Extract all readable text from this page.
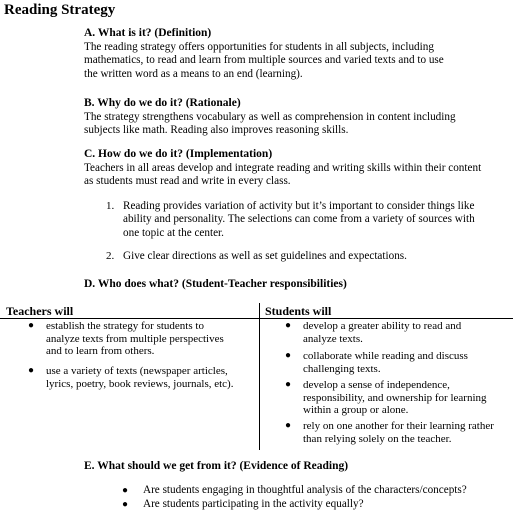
Reading Strategy
A. What is it? (Definition)
The reading strategy offers opportunities for students in all subjects, including
mathematics, to read and learn from multiple sources and varied texts and to use
the written word as a means to an end (learning).
B. Why do we do it? (Rationale)
The strategy strengthens vocabulary as well as comprehension in content including
subjects like math. Reading also improves reasoning skills.
C. How do we do it? (Implementation)
Teachers in all areas develop and integrate reading and writing skills within their content
as students must read and write in every class.
1. Reading provides variation of activity but it’s important to consider things like
ability and personality. The selections can come from a variety of sources with
one topic at the center.
2. Give clear directions as well as set guidelines and expectations.
D. Who does what? (Student-Teacher responsibilities)
Teachers will	Students will
● establish the strategy for students to
analyze texts from multiple perspectives
and to learn from others.
● use a variety of texts (newspaper articles,
lyrics, poetry, book reviews, journals, etc).
● develop a greater ability to read and
analyze texts.
● collaborate while reading and discuss
challenging texts.
● develop a sense of independence,
responsibility, and ownership for learning
within a group or alone.
● rely on one another for their learning rather
than relying solely on the teacher.
E. What should we get from it? (Evidence of Reading)
● Are students engaging in thoughtful analysis of the characters/concepts?
● Are students participating in the activity equally?
